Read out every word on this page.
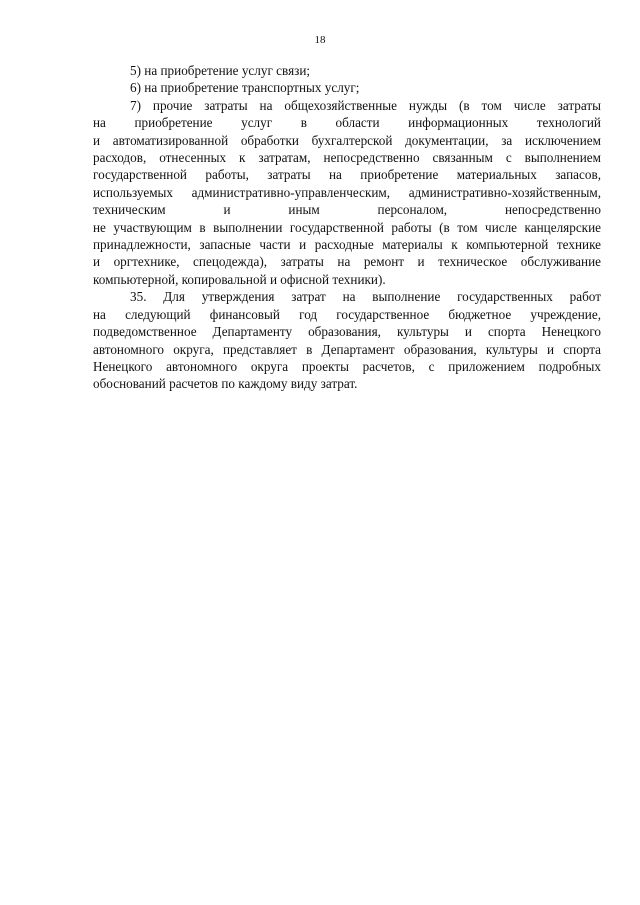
18
5) на приобретение услуг связи;
6) на приобретение транспортных услуг;
7) прочие затраты на общехозяйственные нужды (в том числе затраты
на приобретение услуг в области информационных технологий
и автоматизированной обработки бухгалтерской документации, за исключением
расходов, отнесенных к затратам, непосредственно связанным с выполнением
государственной работы, затраты на приобретение материальных запасов,
используемых административно-управленческим, административно-хозяйственным,
техническим и иным персоналом, непосредственно
не участвующим в выполнении государственной работы (в том числе канцелярские
принадлежности, запасные части и расходные материалы к компьютерной технике
и оргтехнике, спецодежда), затраты на ремонт и техническое обслуживание
компьютерной, копировальной и офисной техники).
35. Для утверждения затрат на выполнение государственных работ
на следующий финансовый год государственное бюджетное учреждение,
подведомственное Департаменту образования, культуры и спорта Ненецкого
автономного округа, представляет в Департамент образования, культуры и спорта
Ненецкого автономного округа проекты расчетов, с приложением подробных
обоснований расчетов по каждому виду затрат.
